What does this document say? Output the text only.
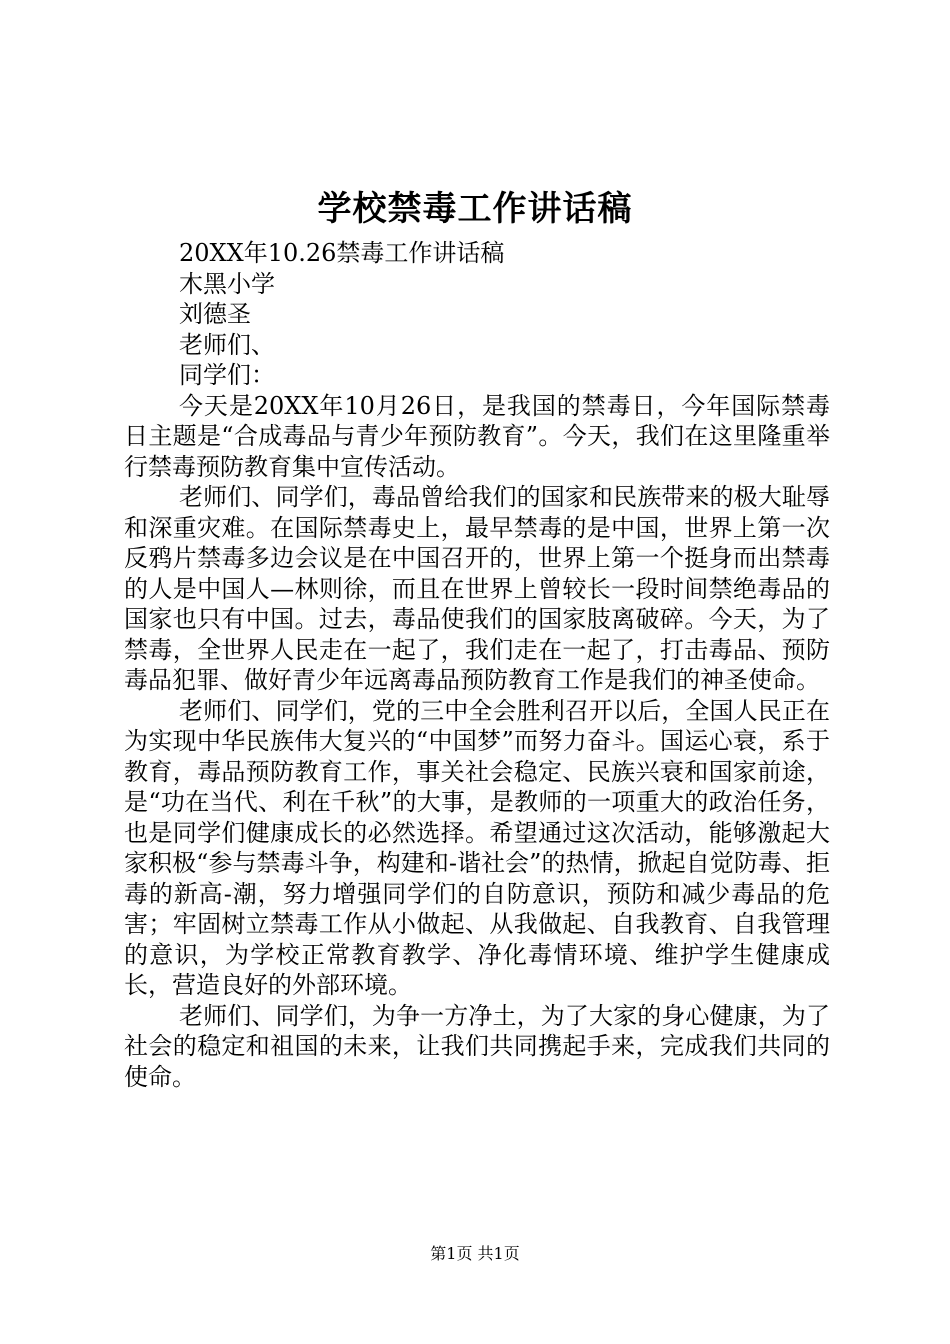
学校禁毒工作讲话稿

20XX年10.26禁毒工作讲话稿

木黑小学

刘德圣

老师们、

同学们：

今天是20XX年10月26日，是我国的禁毒日，今年国际禁毒日主题是“合成毒品与青少年预防教育”。今天，我们在这里隆重举行禁毒预防教育集中宣传活动。

老师们、同学们，毒品曾给我们的国家和民族带来的极大耻辱和深重灾难。在国际禁毒史上，最早禁毒的是中国，世界上第一次反鸦片禁毒多边会议是在中国召开的，世界上第一个挺身而出禁毒的人是中国人—林则徐，而且在世界上曾较长一段时间禁绝毒品的国家也只有中国。过去，毒品使我们的国家肢离破碎。今天，为了禁毒，全世界人民走在一起了，我们走在一起了，打击毒品、预防毒品犯罪、做好青少年远离毒品预防教育工作是我们的神圣使命。

老师们、同学们，党的三中全会胜利召开以后，全国人民正在为实现中华民族伟大复兴的“中国梦”而努力奋斗。国运心衰，系于教育，毒品预防教育工作，事关社会稳定、民族兴衰和国家前途，是“功在当代、利在千秋”的大事，是教师的一项重大的政治任务，也是同学们健康成长的必然选择。希望通过这次活动，能够激起大家积极“参与禁毒斗争，构建和-谐社会”的热情，掀起自觉防毒、拒毒的新高-潮，努力增强同学们的自防意识，预防和减少毒品的危害；牢固树立禁毒工作从小做起、从我做起、自我教育、自我管理的意识，为学校正常教育教学、净化毒情环境、维护学生健康成长，营造良好的外部环境。

老师们、同学们，为争一方净土，为了大家的身心健康，为了社会的稳定和祖国的未来，让我们共同携起手来，完成我们共同的使命。

第1页 共1页
